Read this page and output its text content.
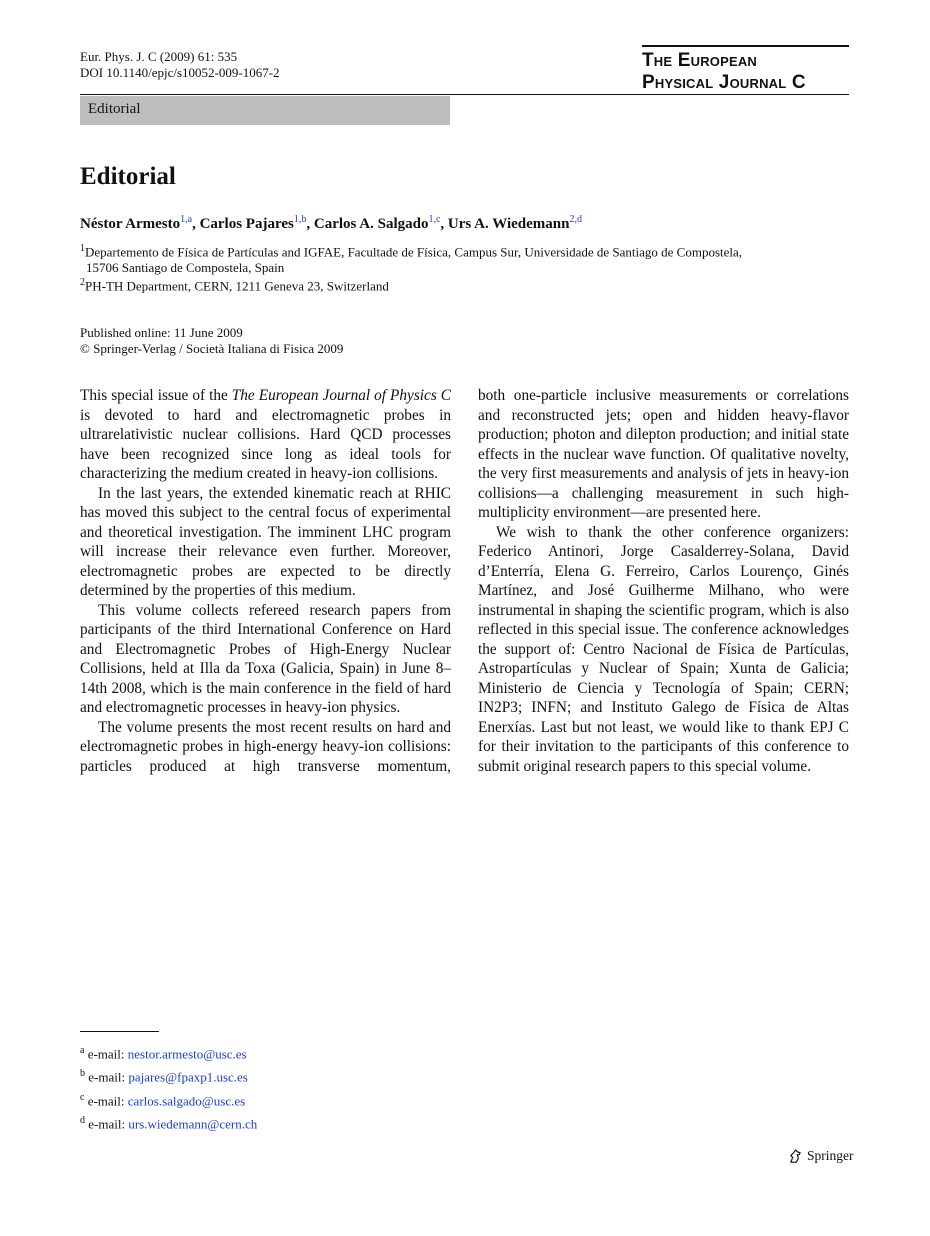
Eur. Phys. J. C (2009) 61: 535
DOI 10.1140/epjc/s10052-009-1067-2
The European
Physical Journal C
Editorial
Editorial
Néstor Armesto$^{1,a}$, Carlos Pajares$^{1,b}$, Carlos A. Salgado$^{1,c}$, Urs A. Wiedemann$^{2,d}$
$^1$Departemento de Física de Partículas and IGFAE, Facultade de Física, Campus Sur, Universidade de Santiago de Compostela,
15706 Santiago de Compostela, Spain
$^2$PH-TH Department, CERN, 1211 Geneva 23, Switzerland
Published online: 11 June 2009
© Springer-Verlag / Società Italiana di Fisica 2009

This special issue of the The European Journal of Physics C is devoted to hard and electromagnetic probes in ultrarelativistic nuclear collisions. Hard QCD processes have been recognized since long as ideal tools for characterizing the medium created in heavy-ion collisions.

In the last years, the extended kinematic reach at RHIC has moved this subject to the central focus of experimental and theoretical investigation. The imminent LHC program will increase their relevance even further. Moreover, electromagnetic probes are expected to be directly determined by the properties of this medium.

This volume collects refereed research papers from participants of the third International Conference on Hard and Electromagnetic Probes of High-Energy Nuclear Collisions, held at Illa da Toxa (Galicia, Spain) in June 8–14th 2008, which is the main conference in the field of hard and electromagnetic processes in heavy-ion physics.

The volume presents the most recent results on hard and electromagnetic probes in high-energy heavy-ion collisions: particles produced at high transverse momentum,

both one-particle inclusive measurements or correlations and reconstructed jets; open and hidden heavy-flavor production; photon and dilepton production; and initial state effects in the nuclear wave function. Of qualitative novelty, the very first measurements and analysis of jets in heavy-ion collisions—a challenging measurement in such high-multiplicity environment—are presented here.

We wish to thank the other conference organizers: Federico Antinori, Jorge Casalderrey-Solana, David d’Enterría, Elena G. Ferreiro, Carlos Lourenço, Ginés Martínez, and José Guilherme Milhano, who were instrumental in shaping the scientific program, which is also reflected in this special issue. The conference acknowledges the support of: Centro Nacional de Física de Partículas, Astropartículas y Nuclear of Spain; Xunta de Galicia; Ministerio de Ciencia y Tecnología of Spain; CERN; IN2P3; INFN; and Instituto Galego de Física de Altas Enerxías. Last but not least, we would like to thank EPJ C for their invitation to the participants of this conference to submit original research papers to this special volume.

$^a$ e-mail: nestor.armesto@usc.es
$^b$ e-mail: pajares@fpaxp1.usc.es
$^c$ e-mail: carlos.salgado@usc.es
$^d$ e-mail: urs.wiedemann@cern.ch
Springer
